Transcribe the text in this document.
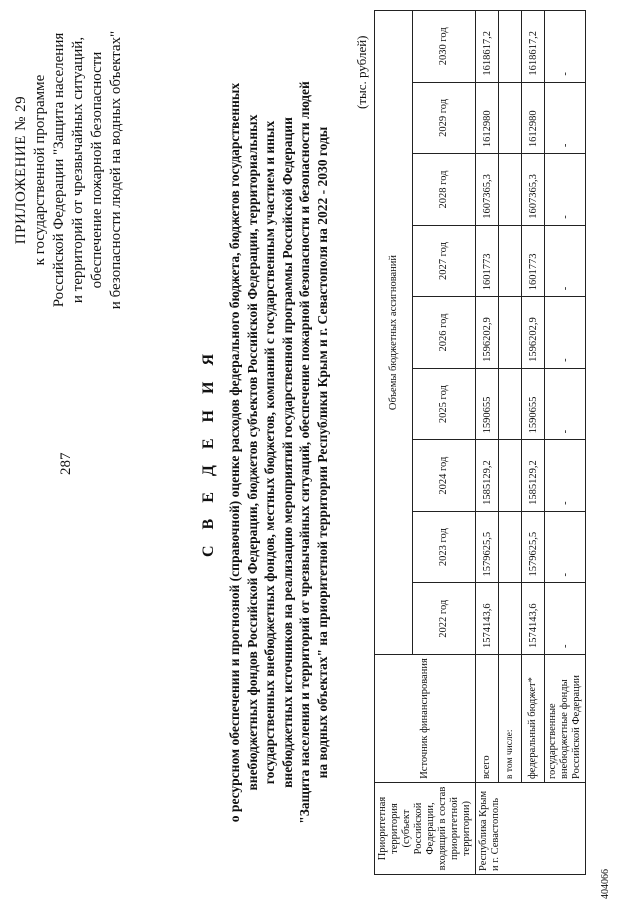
287
404066
ПРИЛОЖЕНИЕ № 29 к государственной программе Российской Федерации "Защита населения и территорий от чрезвычайных ситуаций, обеспечение пожарной безопасности и безопасности людей на водных объектах"
С В Е Д Е Н И Я о ресурсном обеспечении и прогнозной (справочной) оценке расходов федерального бюджета, бюджетов государственных внебюджетных фондов Российской Федерации, бюджетов субъектов Российской Федерации, территориальных государственных внебюджетных фондов, местных бюджетов, компаний с государственным участием и иных внебюджетных источников на реализацию мероприятий государственной программы Российской Федерации "Защита населения и территорий от чрезвычайных ситуаций, обеспечение пожарной безопасности и безопасности людей на водных объектах" на приоритетной территории Республики Крым и г. Севастополя на 2022 - 2030 годы
(тыс. рублей)
Приоритетная территория (субъект Российской Федерации, входящий в состав приоритетной территории)	Источник финансирования	Объемы бюджетных ассигнований								
		2022 год	2023 год	2024 год	2025 год	2026 год	2027 год	2028 год	2029 год	2030 год
Республика Крым и г. Севастополь	всего	1574143,6	1579625,5	1585129,2	1590655	1596202,9	1601773	1607365,3	1612980	1618617,2
	в том числе:									
	федеральный бюджет*	1574143,6	1579625,5	1585129,2	1590655	1596202,9	1601773	1607365,3	1612980	1618617,2
	государственные внебюджетные фонды Российской Федерации	-	-	-	-	-	-	-	-	-
